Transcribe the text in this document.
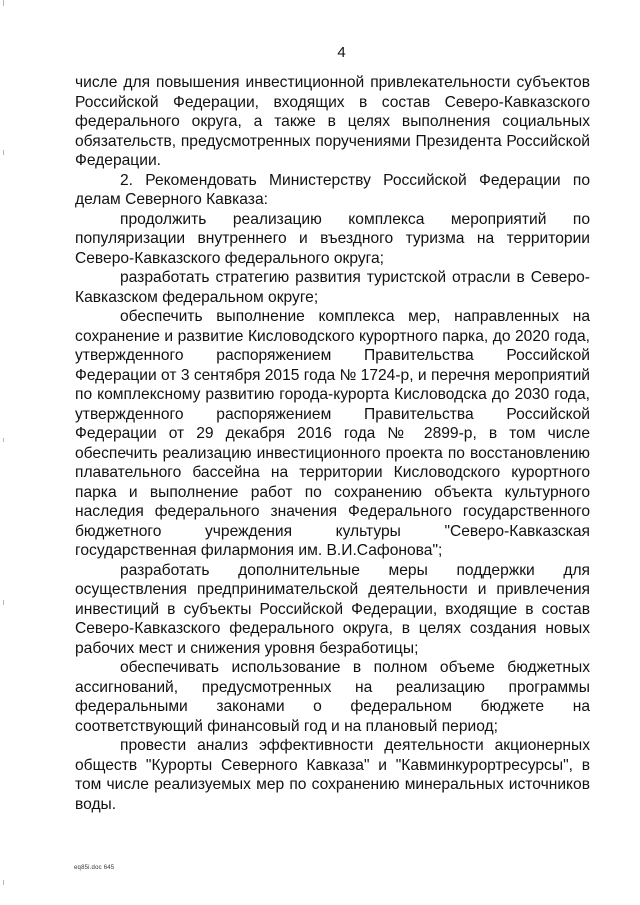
4

числе для повышения инвестиционной привлекательности субъектов Российской Федерации, входящих в состав Северо-Кавказского федерального округа, а также в целях выполнения социальных обязательств, предусмотренных поручениями Президента Российской Федерации.

2. Рекомендовать Министерству Российской Федерации по делам Северного Кавказа:

продолжить реализацию комплекса мероприятий по популяризации внутреннего и въездного туризма на территории Северо-Кавказского федерального округа;

разработать стратегию развития туристской отрасли в Северо-Кавказском федеральном округе;

обеспечить выполнение комплекса мер, направленных на сохранение и развитие Кисловодского курортного парка, до 2020 года, утвержденного распоряжением Правительства Российской Федерации от 3 сентября 2015 года № 1724-р, и перечня мероприятий по комплексному развитию города-курорта Кисловодска до 2030 года, утвержденного распоряжением Правительства Российской Федерации от 29 декабря 2016 года № 2899-р, в том числе обеспечить реализацию инвестиционного проекта по восстановлению плавательного бассейна на территории Кисловодского курортного парка и выполнение работ по сохранению объекта культурного наследия федерального значения Федерального государственного бюджетного учреждения культуры "Северо-Кавказская государственная филармония им. В.И.Сафонова";

разработать дополнительные меры поддержки для осуществления предпринимательской деятельности и привлечения инвестиций в субъекты Российской Федерации, входящие в состав Северо-Кавказского федерального округа, в целях создания новых рабочих мест и снижения уровня безработицы;

обеспечивать использование в полном объеме бюджетных ассигнований, предусмотренных на реализацию программы федеральными законами о федеральном бюджете на соответствующий финансовый год и на плановый период;

провести анализ эффективности деятельности акционерных обществ "Курорты Северного Кавказа" и "Кавминкурортресурсы", в том числе реализуемых мер по сохранению минеральных источников воды.

eq85i.doc 645
